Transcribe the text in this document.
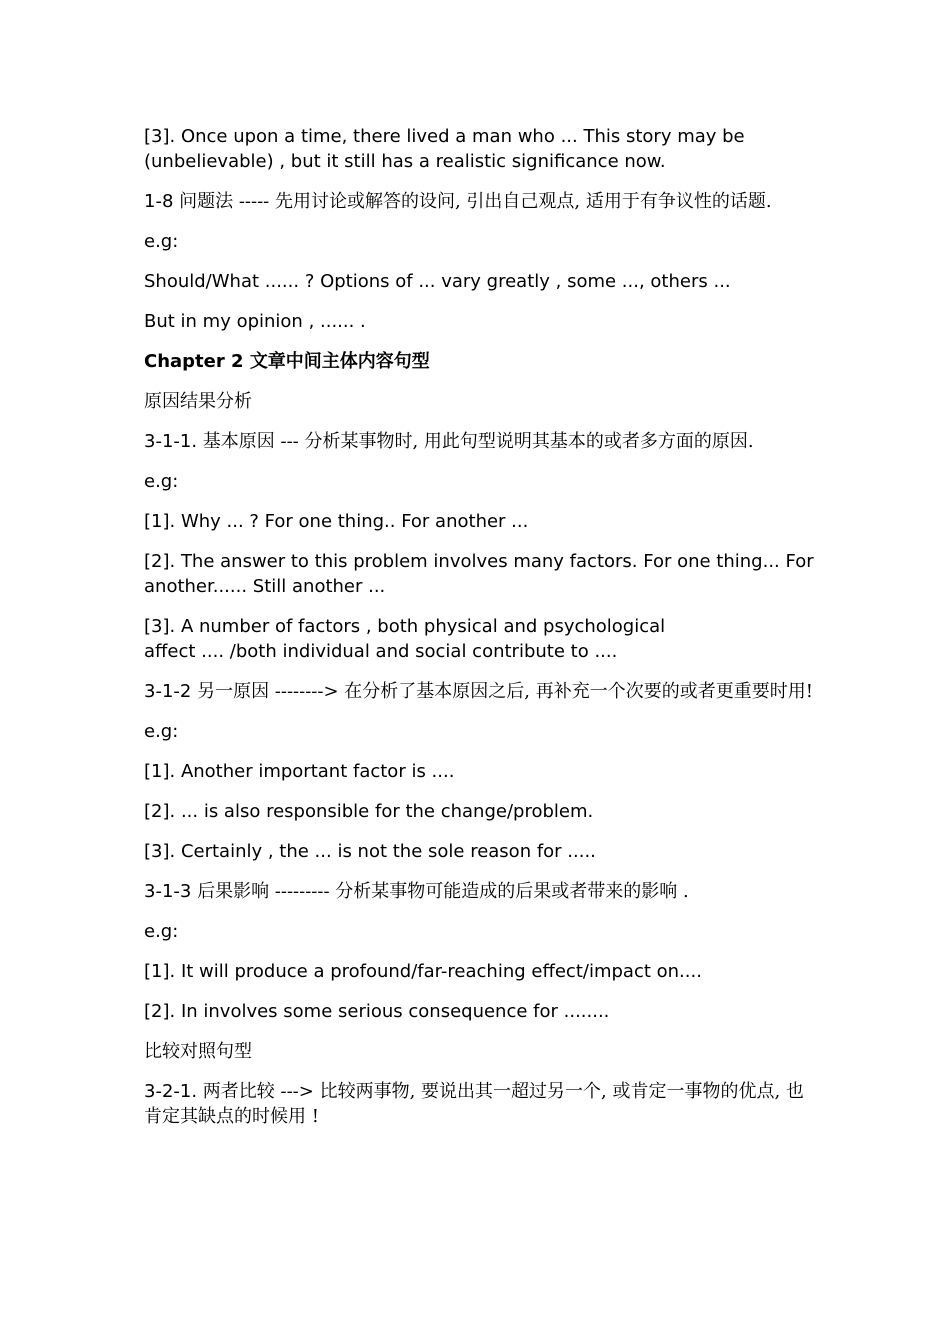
[3]. Once upon a time, there lived a man who ... This story may be (unbelievable) , but it still has a realistic significance now.

1-8 问题法 ----- 先用讨论或解答的设问, 引出自己观点, 适用于有争议性的话题.

e.g:

Should/What ...... ? Options of ... vary greatly , some ..., others ...

But in my opinion , ...... .

Chapter 2 文章中间主体内容句型

原因结果分析

3-1-1. 基本原因 --- 分析某事物时, 用此句型说明其基本的或者多方面的原因.

e.g:

[1]. Why ... ? For one thing.. For another ...

[2]. The answer to this problem involves many factors. For one thing... For another...... Still another ...

[3]. A number of factors , both physical and psychological
affect .... /both individual and social contribute to ....

3-1-2 另一原因 --------> 在分析了基本原因之后, 再补充一个次要的或者更重要时用!

e.g:

[1]. Another important factor is ....

[2]. ... is also responsible for the change/problem.

[3]. Certainly , the ... is not the sole reason for .....

3-1-3 后果影响 --------- 分析某事物可能造成的后果或者带来的影响 .

e.g:

[1]. It will produce a profound/far-reaching effect/impact on....

[2]. In involves some serious consequence for ........

比较对照句型

3-2-1. 两者比较 ---> 比较两事物, 要说出其一超过另一个, 或肯定一事物的优点, 也肯定其缺点的时候用 !
